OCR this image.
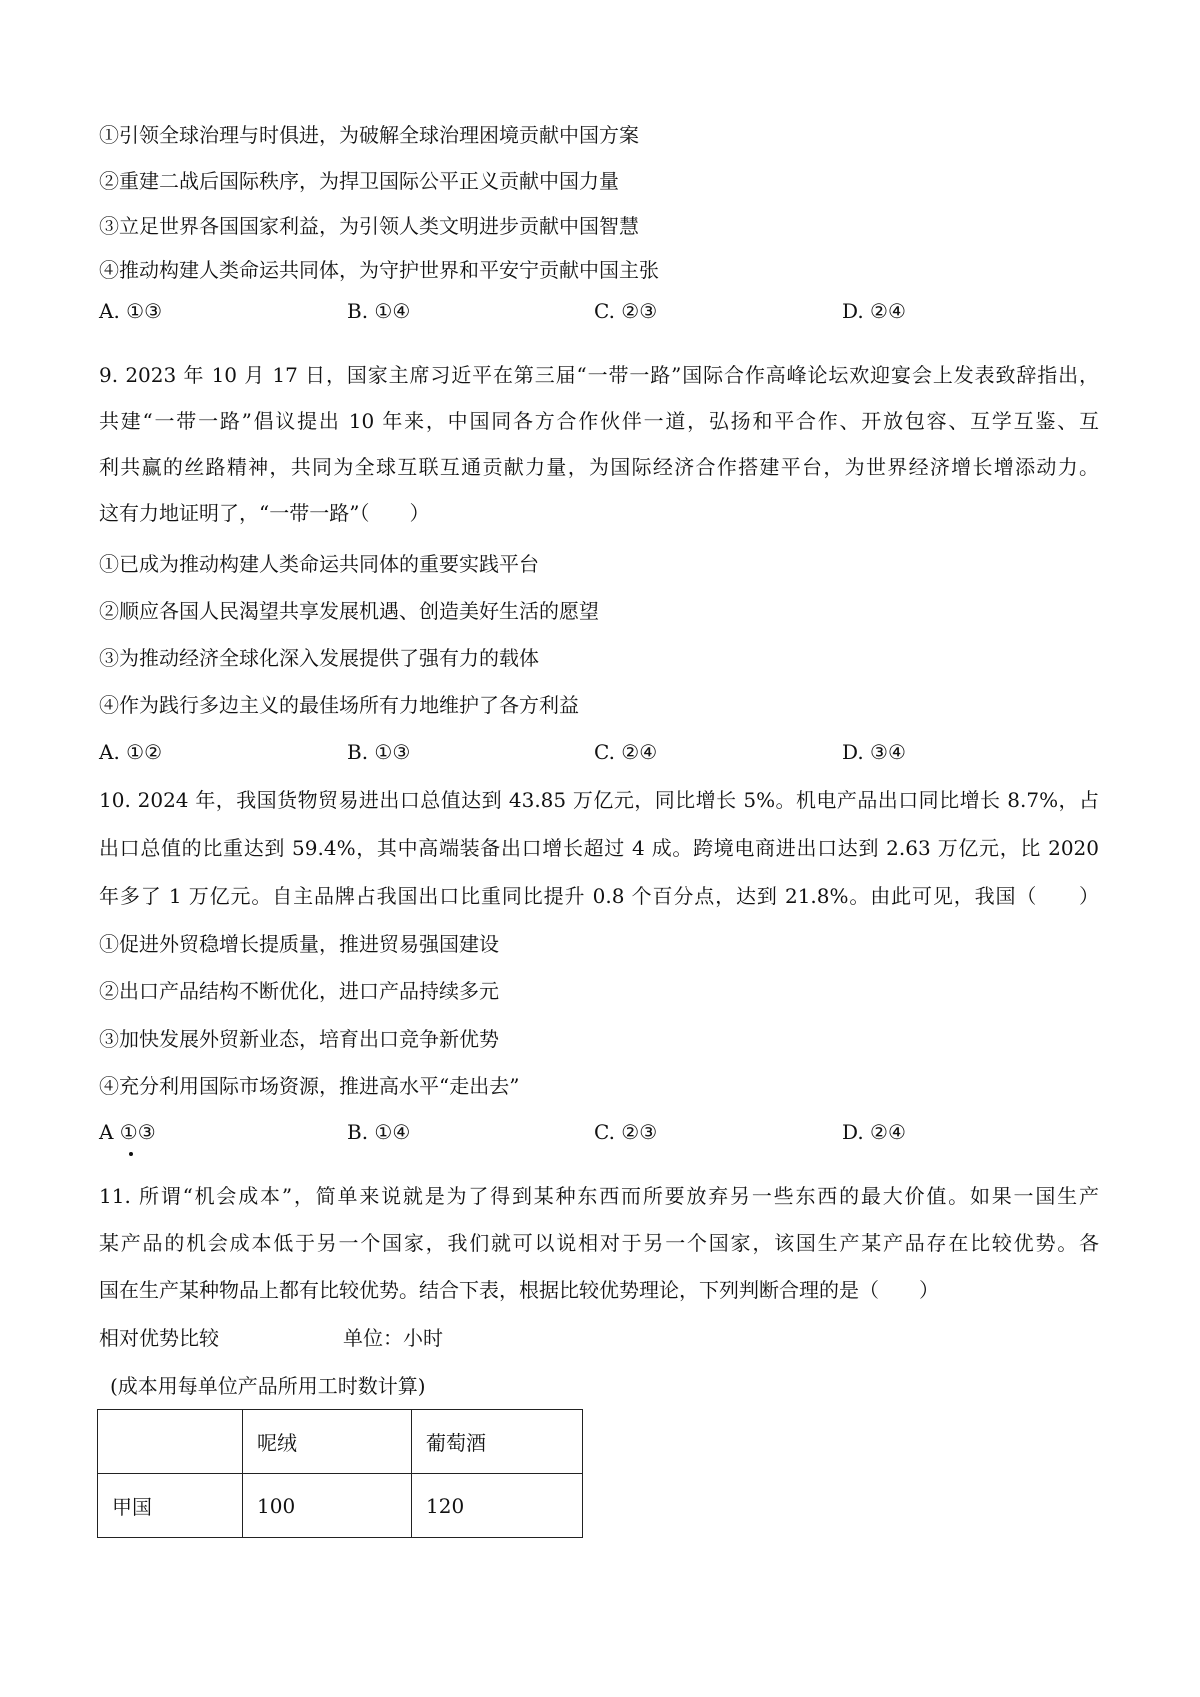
①引领全球治理与时俱进，为破解全球治理困境贡献中国方案
②重建二战后国际秩序，为捍卫国际公平正义贡献中国力量
③立足世界各国国家利益，为引领人类文明进步贡献中国智慧
④推动构建人类命运共同体，为守护世界和平安宁贡献中国主张
A. ①③	B. ①④	C. ②③	D. ②④
9. 2023 年 10 月 17 日，国家主席习近平在第三届“一带一路”国际合作高峰论坛欢迎宴会上发表致辞指出，
共建“一带一路”倡议提出 10 年来，中国同各方合作伙伴一道，弘扬和平合作、开放包容、互学互鉴、互
利共赢的丝路精神，共同为全球互联互通贡献力量，为国际经济合作搭建平台，为世界经济增长增添动力。
这有力地证明了，“一带一路”（　　）
①已成为推动构建人类命运共同体的重要实践平台
②顺应各国人民渴望共享发展机遇、创造美好生活的愿望
③为推动经济全球化深入发展提供了强有力的载体
④作为践行多边主义的最佳场所有力地维护了各方利益
A. ①②	B. ①③	C. ②④	D. ③④
10. 2024 年，我国货物贸易进出口总值达到 43.85 万亿元，同比增长 5%。机电产品出口同比增长 8.7%，占
出口总值的比重达到 59.4%，其中高端装备出口增长超过 4 成。跨境电商进出口达到 2.63 万亿元，比 2020
年多了 1 万亿元。自主品牌占我国出口比重同比提升 0.8 个百分点，达到 21.8%。由此可见，我国（　　）
①促进外贸稳增长提质量，推进贸易强国建设
②出口产品结构不断优化，进口产品持续多元
③加快发展外贸新业态，培育出口竞争新优势
④充分利用国际市场资源，推进高水平“走出去”
A ①③	B. ①④	C. ②③	D. ②④
11. 所谓“机会成本”，简单来说就是为了得到某种东西而所要放弃另一些东西的最大价值。如果一国生产
某产品的机会成本低于另一个国家，我们就可以说相对于另一个国家，该国生产某产品存在比较优势。各
国在生产某种物品上都有比较优势。结合下表，根据比较优势理论，下列判断合理的是（　　）
相对优势比较	单位：小时
(成本用每单位产品所用工时数计算)
	呢绒	葡萄酒
甲国	100	120
